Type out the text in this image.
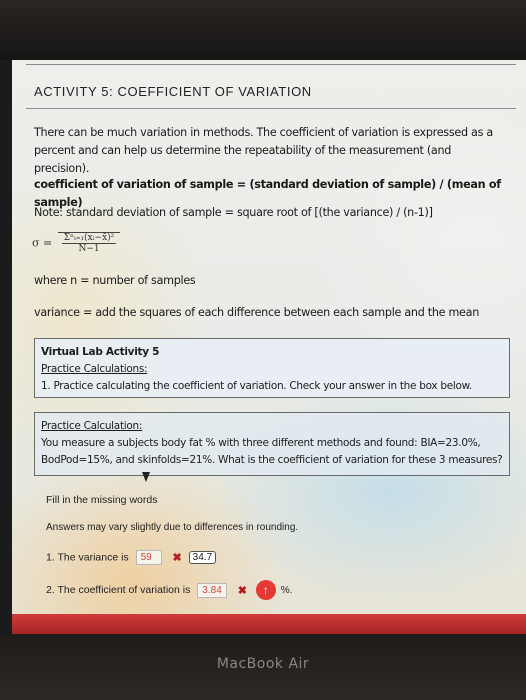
ACTIVITY 5: COEFFICIENT OF VARIATION
There can be much variation in methods. The coefficient of variation is expressed as a percent and can help us determine the repeatability of the measurement (and precision).
coefficient of variation of sample = (standard deviation of sample) / (mean of sample)
Note: standard deviation of sample = square root of [(the variance) / (n-1)]
$\sigma = \frac{\text{Σⁿᵢ₌₁(xᵢ−x̄)²}}{N-1}$
where n = number of samples
variance = add the squares of each difference between each sample and the mean
Virtual Lab Activity 5
Practice Calculations:
1. Practice calculating the coefficient of variation. Check your answer in the box below.
Practice Calculation:
You measure a subjects body fat % with three different methods and found: BIA=23.0%, BodPod=15%, and skinfolds=21%. What is the coefficient of variation for these 3 measures?
Fill in the missing words
Answers may vary slightly due to differences in rounding.
1. The variance is 59 ✖ 34.7
2. The coefficient of variation is 3.84 ✖ ↑ %.
MacBook Air
